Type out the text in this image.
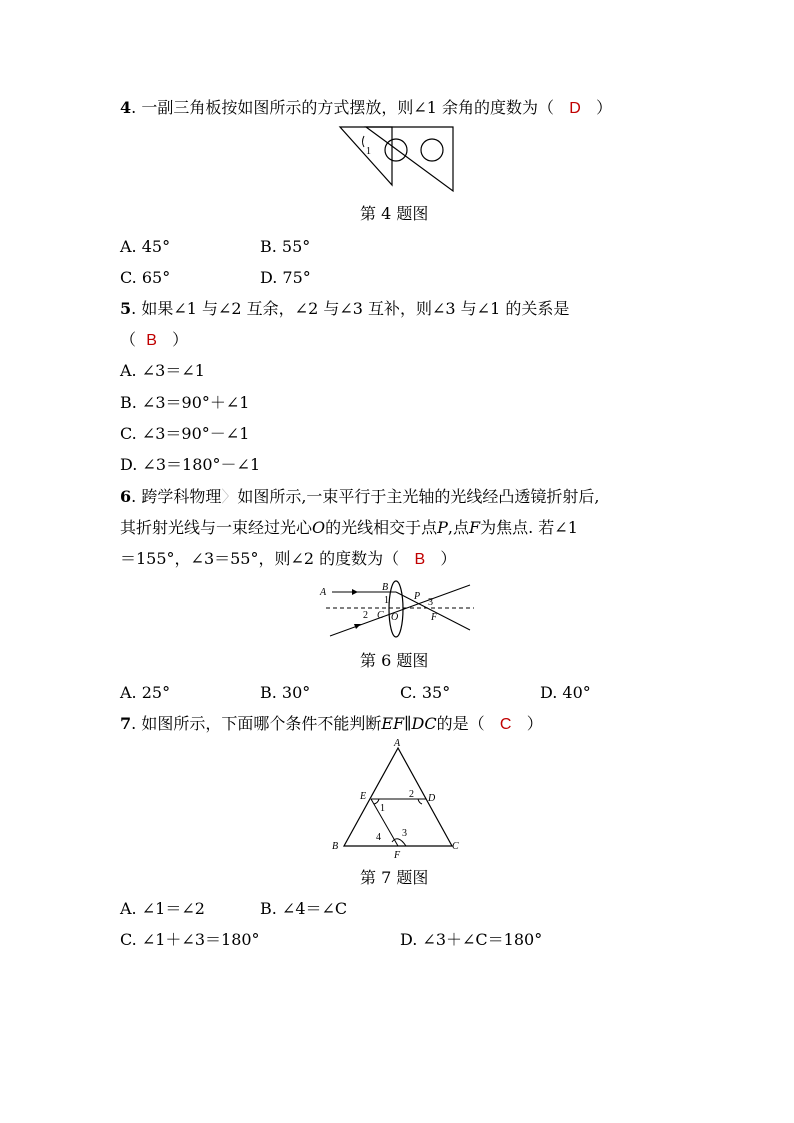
4. 一副三角板按如图所示的方式摆放，则∠1 余角的度数为（ D ）
1
第 4 题图
A. 45°	B. 55°
C. 65°	D. 75°
5. 如果∠1 与∠2 互余，∠2 与∠3 互补，则∠3 与∠1 的关系是
（ B ）
A. ∠3＝∠1
B. ∠3＝90°＋∠1
C. ∠3＝90°－∠1
D. ∠3＝180°－∠1
6. 跨学科物理〉如图所示,一束平行于主光轴的光线经凸透镜折射后,
其折射光线与一束经过光心O的光线相交于点P,点F为焦点. 若∠1
＝155°，∠3＝55°，则∠2 的度数为（ B ）
A	B
1
C
2 O
P
3
F
第 6 题图
A. 25°	B. 30°	C. 35°	D. 40°
7. 如图所示，下面哪个条件不能判断EF∥DC的是（ C ）
A
E	D
1
2
4 3
B
F
C
第 7 题图
A. ∠1＝∠2	B. ∠4＝∠C
C. ∠1＋∠3＝180°	D. ∠3＋∠C＝180°
